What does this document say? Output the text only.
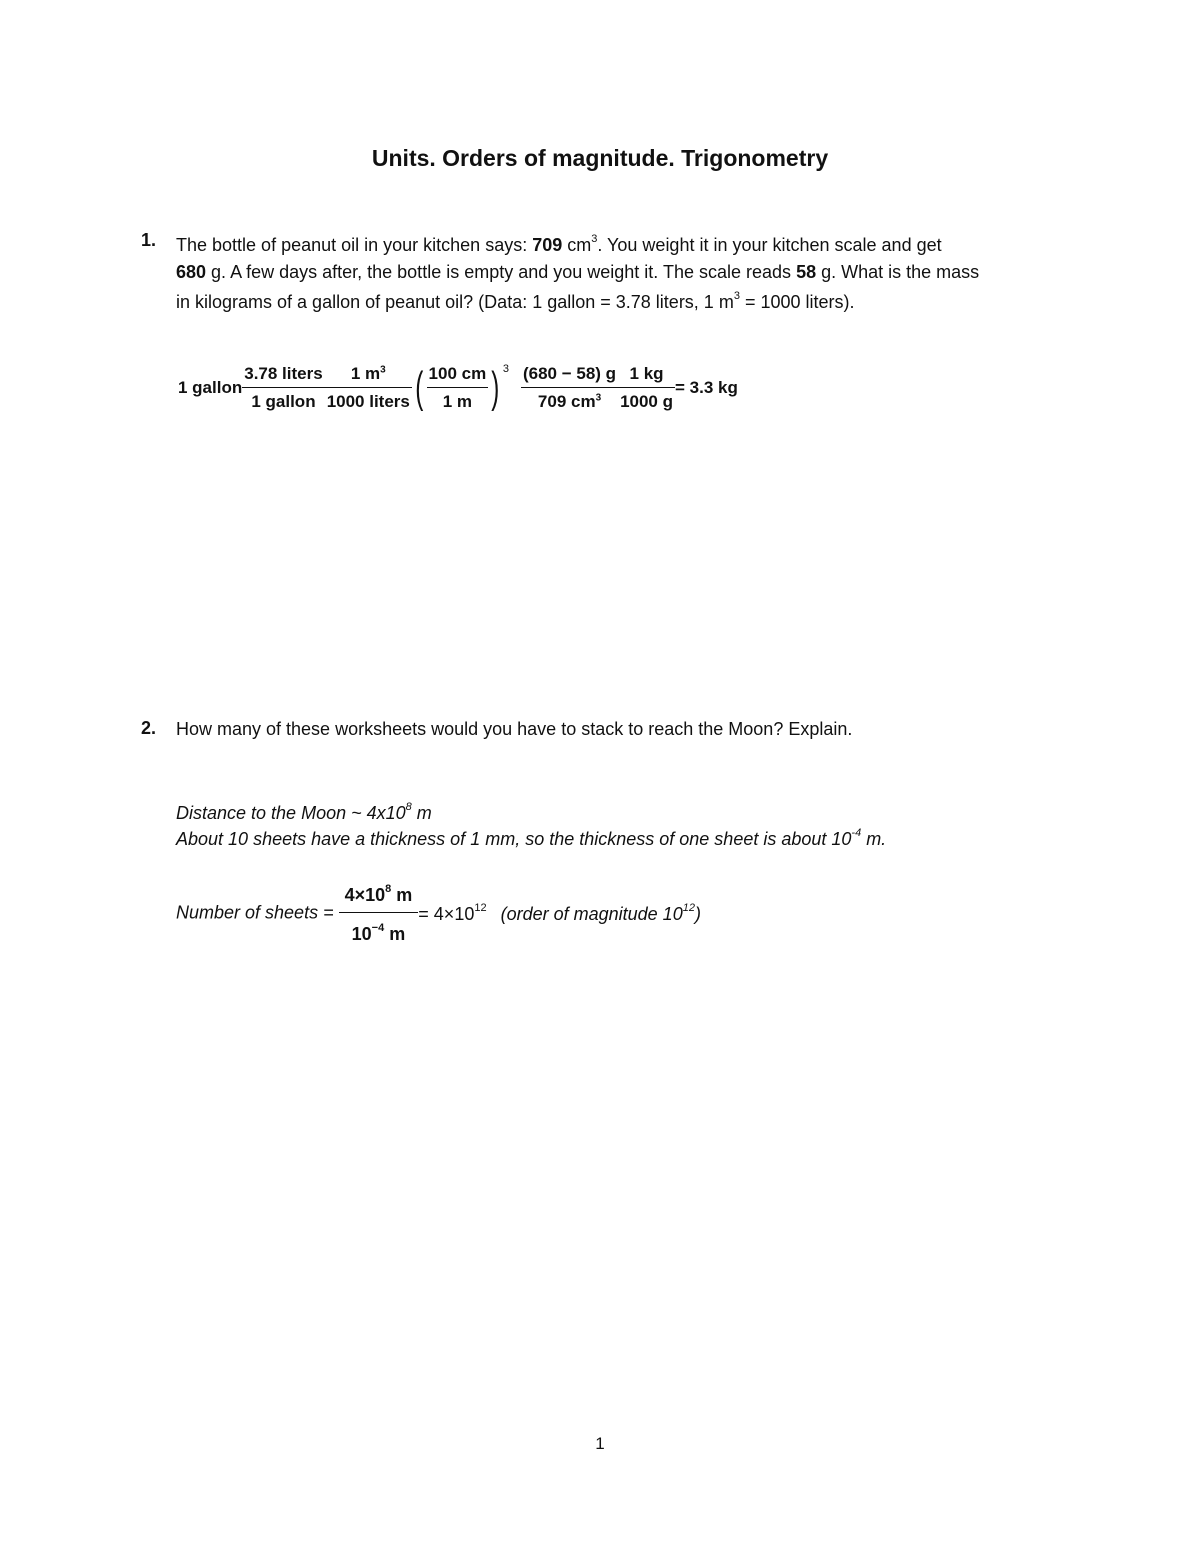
Units. Orders of magnitude. Trigonometry
1. The bottle of peanut oil in your kitchen says: 709 $cm^3$. You weight it in your kitchen scale and get
680 g. A few days after, the bottle is empty and you weight it. The scale reads 58 g. What is the mass
in kilograms of a gallon of peanut oil? (Data: 1 gallon = 3.78 liters, 1 $m^3 = 1000$ liters).
1 gallon $\frac{\text{3.78 liters}}{\text{1 gallon}} \frac{1 m^3}{\text{1000 liters}}$ ( $\frac{100 cm}{1 m}$ ) $^3 \frac{(680 - 58) g}{709 cm^3} \frac{1 kg}{1000 g} = 3.3$ kg
2. How many of these worksheets would you have to stack to reach the Moon? Explain.
Distance to the Moon ~ $4x10^8$ m
About 10 sheets have a thickness of 1 mm, so the thickness of one sheet is about $10^{-4}$ m.
Number of sheets = $\frac{4\times 10^8 m}{10^{-4} m} = 4\times 10^{12}$ (order of magnitude $10^{12}$)
1
